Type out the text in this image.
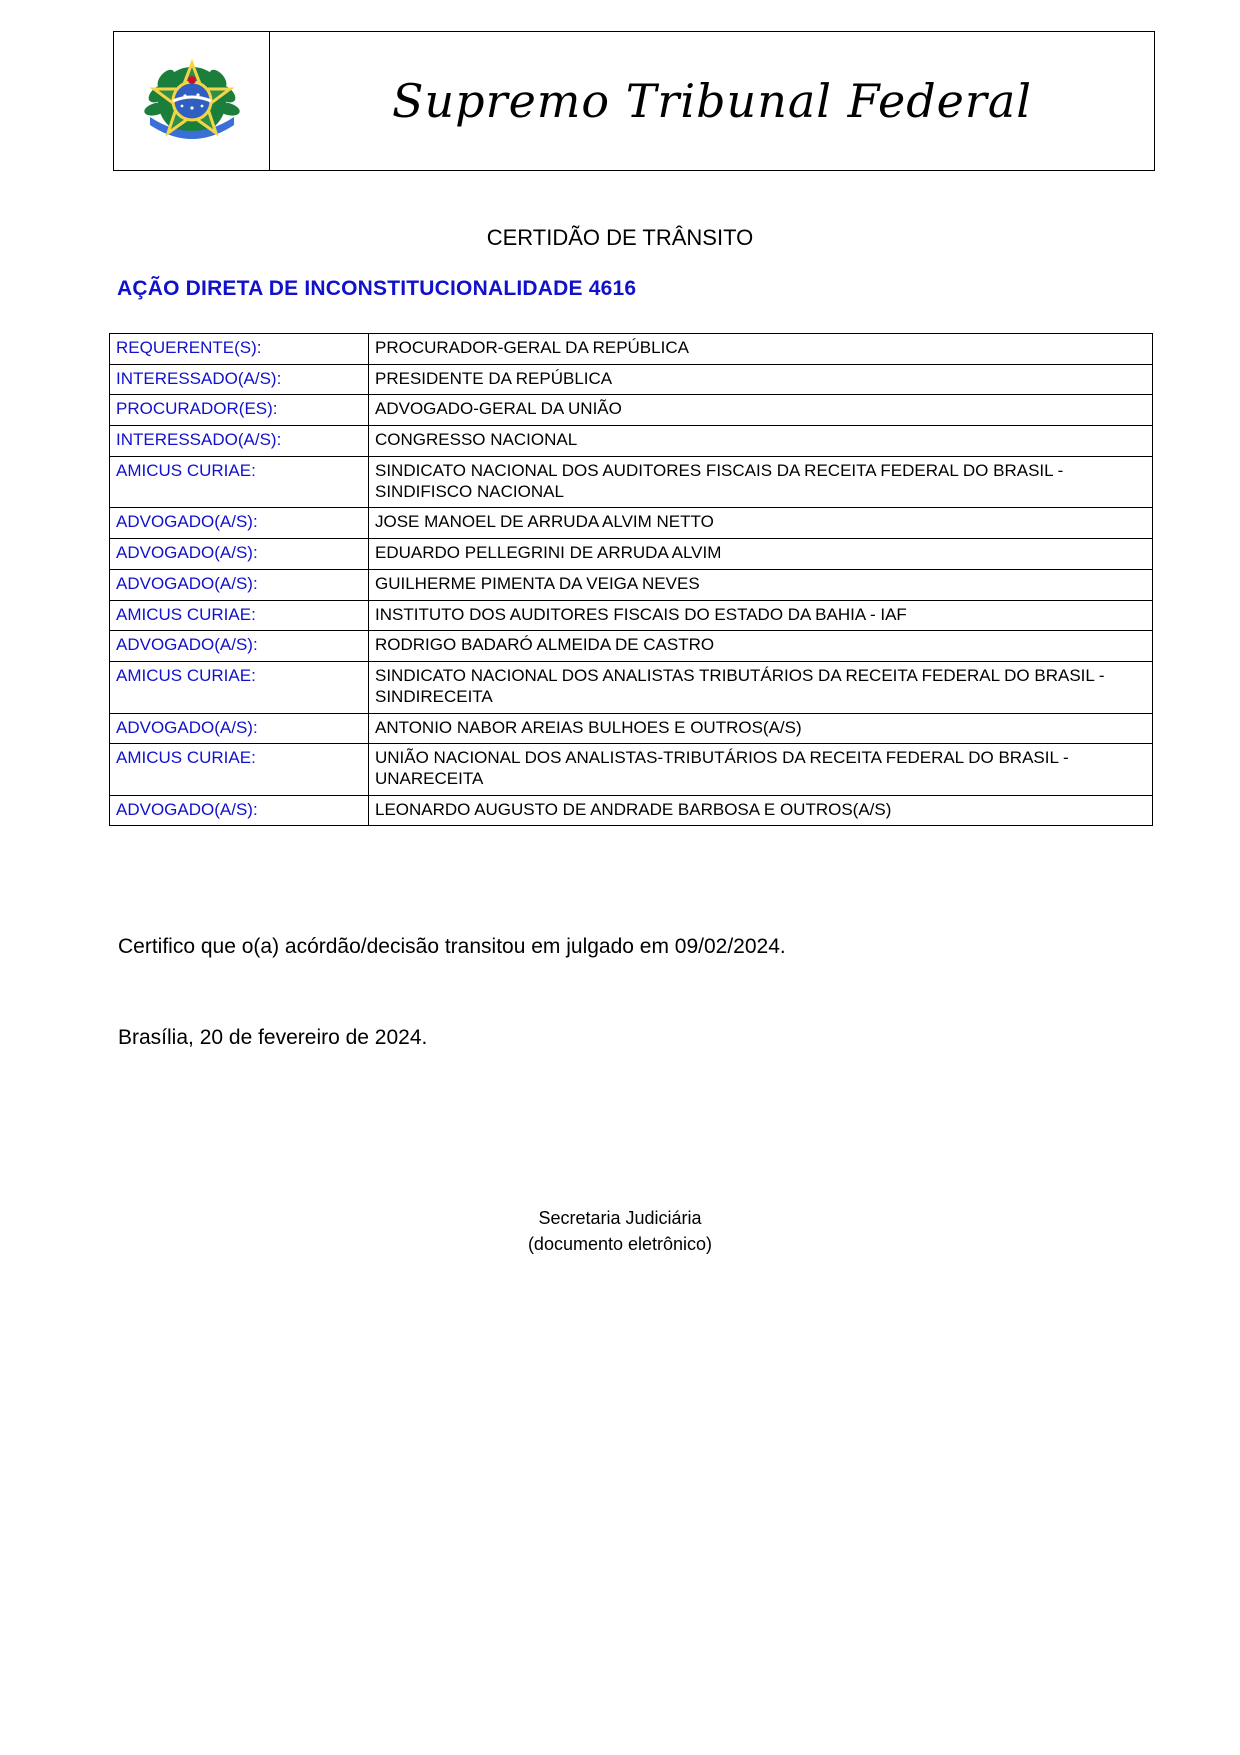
Supremo Tribunal Federal
CERTIDÃO DE TRÂNSITO
AÇÃO DIRETA DE INCONSTITUCIONALIDADE 4616
REQUERENTE(S):	PROCURADOR-GERAL DA REPÚBLICA
INTERESSADO(A/S):	PRESIDENTE DA REPÚBLICA
PROCURADOR(ES):	ADVOGADO-GERAL DA UNIÃO
INTERESSADO(A/S):	CONGRESSO NACIONAL
AMICUS CURIAE:	SINDICATO NACIONAL DOS AUDITORES FISCAIS DA RECEITA FEDERAL DO BRASIL - SINDIFISCO NACIONAL
ADVOGADO(A/S):	JOSE MANOEL DE ARRUDA ALVIM NETTO
ADVOGADO(A/S):	EDUARDO PELLEGRINI DE ARRUDA ALVIM
ADVOGADO(A/S):	GUILHERME PIMENTA DA VEIGA NEVES
AMICUS CURIAE:	INSTITUTO DOS AUDITORES FISCAIS DO ESTADO DA BAHIA - IAF
ADVOGADO(A/S):	RODRIGO BADARÓ ALMEIDA DE CASTRO
AMICUS CURIAE:	SINDICATO NACIONAL DOS ANALISTAS TRIBUTÁRIOS DA RECEITA FEDERAL DO BRASIL - SINDIRECEITA
ADVOGADO(A/S):	ANTONIO NABOR AREIAS BULHOES E OUTROS(A/S)
AMICUS CURIAE:	UNIÃO NACIONAL DOS ANALISTAS-TRIBUTÁRIOS DA RECEITA FEDERAL DO BRASIL - UNARECEITA
ADVOGADO(A/S):	LEONARDO AUGUSTO DE ANDRADE BARBOSA E OUTROS(A/S)
Certifico que o(a) acórdão/decisão transitou em julgado em 09/02/2024.
Brasília, 20 de fevereiro de 2024.
Secretaria Judiciária
(documento eletrônico)
